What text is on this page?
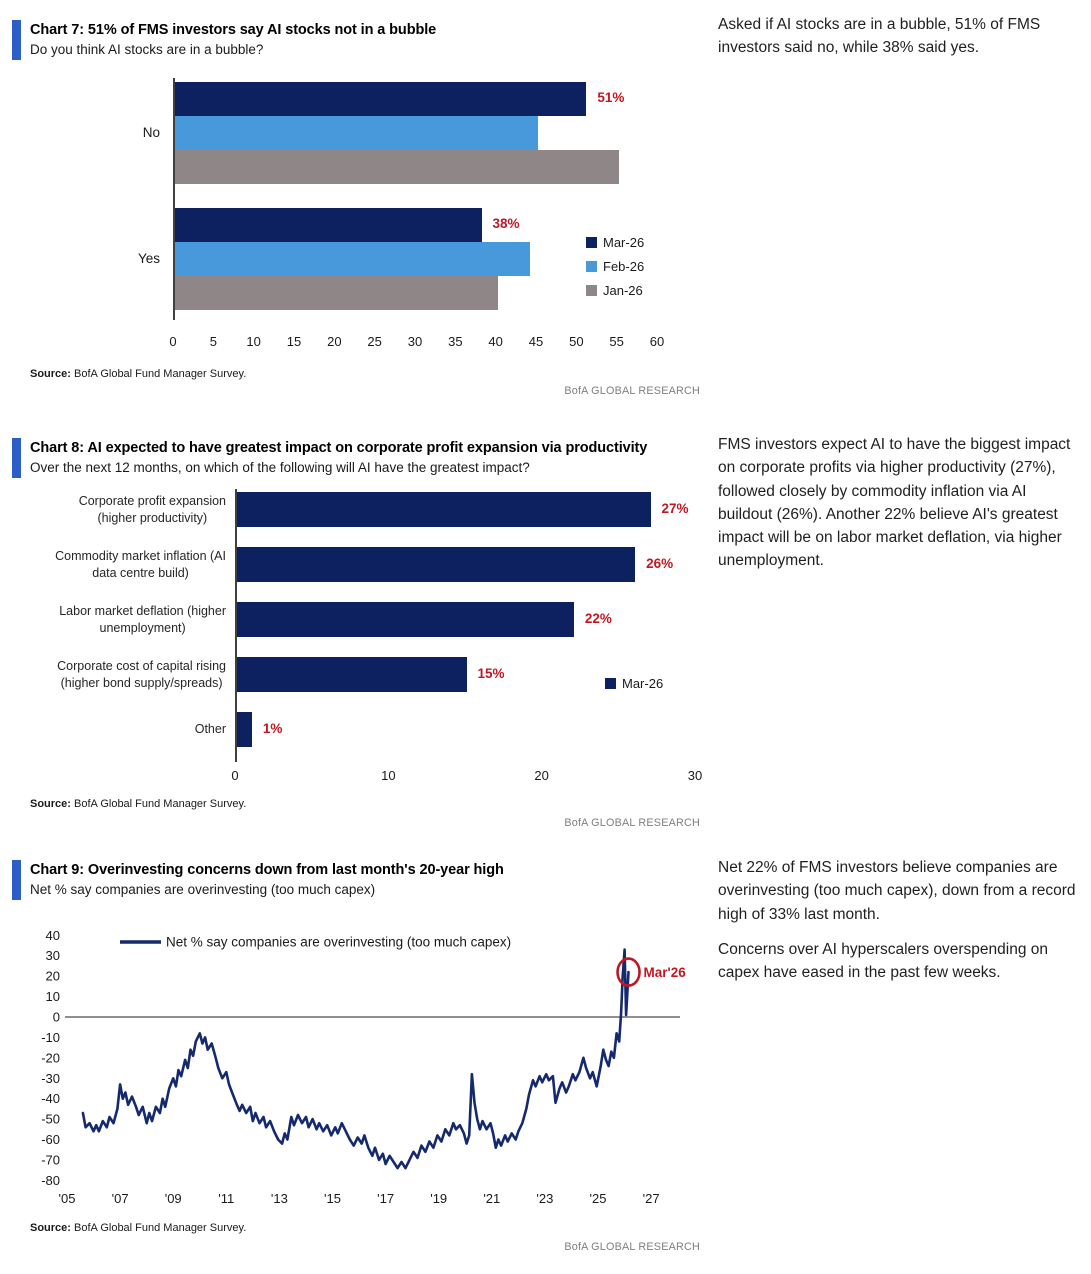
Chart 7: 51% of FMS investors say AI stocks not in a bubble
Do you think AI stocks are in a bubble?

Asked if AI stocks are in a bubble, 51% of FMS investors said no, while 38% said yes.

51%
38%
No
Yes
0	5	10	15	20	25	30	35	40	45	50	55	60
Mar-26
Feb-26
Jan-26
Source: BofA Global Fund Manager Survey.
BofA GLOBAL RESEARCH
Chart 8: AI expected to have greatest impact on corporate profit expansion via productivity
Over the next 12 months, on which of the following will AI have the greatest impact?

FMS investors expect AI to have the biggest impact on corporate profits via higher productivity (27%), followed closely by commodity inflation via AI buildout (26%). Another 22% believe AI's greatest impact will be on labor market deflation, via higher unemployment.

27%
Corporate profit expansion
(higher productivity)
26%
Commodity market inflation (AI
data centre build)
22%
Labor market deflation (higher
unemployment)
15%
Corporate cost of capital rising
(higher bond supply/spreads)
1%
Other
0	10	20	30
Mar-26
Source: BofA Global Fund Manager Survey.
BofA GLOBAL RESEARCH
Chart 9: Overinvesting concerns down from last month's 20-year high
Net % say companies are overinvesting (too much capex)

Net 22% of FMS investors believe companies are overinvesting (too much capex), down from a record high of 33% last month.

Concerns over AI hyperscalers overspending on capex have eased in the past few weeks.

40
30
20
10
0
-10
-20
-30
-40
-50
-60
-70
-80
'05	'07	'09	'11	'13	'15	'17	'19	'21	'23	'25	'27
Net % say companies are overinvesting (too much capex)
Mar'26
Source: BofA Global Fund Manager Survey.
BofA GLOBAL RESEARCH
